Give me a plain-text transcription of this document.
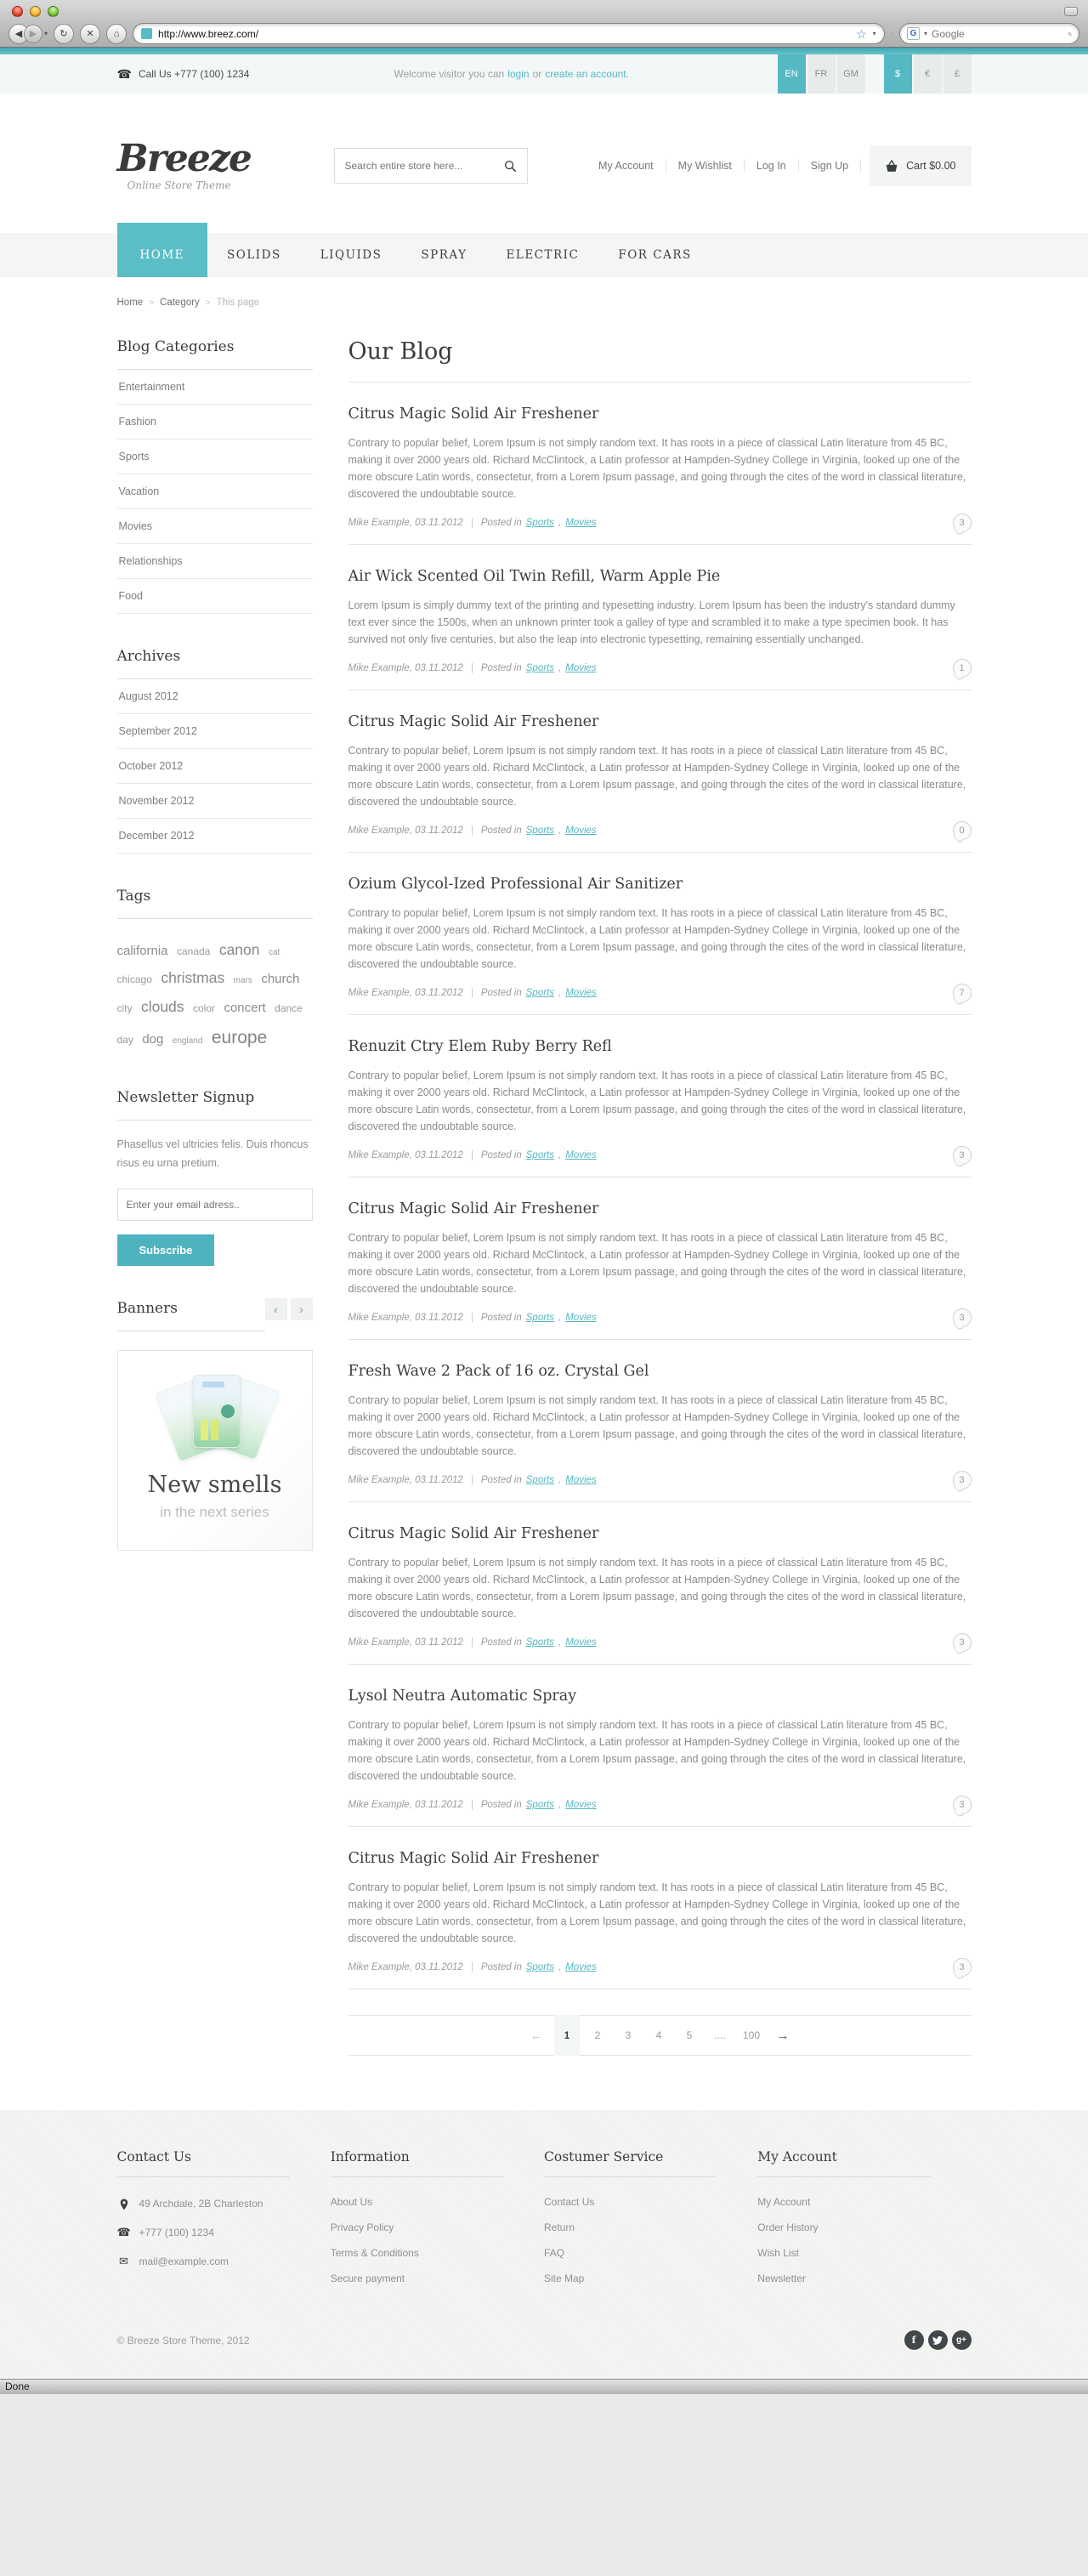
◀ ▶ ▾ ↻ ✕ ⌂
http://www.breez.com/	☆ ▾ ·	G	▾
Google
☎ Call Us +777 (100) 1234	Welcome visitor you can login or create an account.	EN	FR	GM	$	€	£
Breeze
Online Store Theme
Search entire store here...
My Account	My Wishlist	Log In	Sign Up	Cart $0.00
HOME	SOLIDS	LIQUIDS	SPRAY	ELECTRIC	FOR CARS
Home > Category > This page
Blog Categories
Entertainment
Fashion
Sports
Vacation
Movies
Relationships
Food
Archives
August 2012
September 2012
October 2012
November 2012
December 2012
Tags
california canada canon cat chicago christmas mars church city clouds color concert dance day dog england europe
Newsletter Signup

Phasellus vel ultricies felis. Duis rhoncus risus eu urna pretium.

Enter your email adress.. Subscribe
Banners	‹ ›
New smells
in the next series
Our Blog
Citrus Magic Solid Air Freshener

Contrary to popular belief, Lorem Ipsum is not simply random text. It has roots in a piece of classical Latin literature from 45 BC, making it over 2000 years old. Richard McClintock, a Latin professor at Hampden-Sydney College in Virginia, looked up one of the more obscure Latin words, consectetur, from a Lorem Ipsum passage, and going through the cites of the word in classical literature, discovered the undoubtable source.

Mike Example, 03.11.2012 | Posted in Sports , Movies	3
Air Wick Scented Oil Twin Refill, Warm Apple Pie

Lorem Ipsum is simply dummy text of the printing and typesetting industry. Lorem Ipsum has been the industry's standard dummy text ever since the 1500s, when an unknown printer took a galley of type and scrambled it to make a type specimen book. It has survived not only five centuries, but also the leap into electronic typesetting, remaining essentially unchanged.

Mike Example, 03.11.2012 | Posted in Sports , Movies	1
Citrus Magic Solid Air Freshener

Contrary to popular belief, Lorem Ipsum is not simply random text. It has roots in a piece of classical Latin literature from 45 BC, making it over 2000 years old. Richard McClintock, a Latin professor at Hampden-Sydney College in Virginia, looked up one of the more obscure Latin words, consectetur, from a Lorem Ipsum passage, and going through the cites of the word in classical literature, discovered the undoubtable source.

Mike Example, 03.11.2012 | Posted in Sports , Movies	0
Ozium Glycol-Ized Professional Air Sanitizer

Contrary to popular belief, Lorem Ipsum is not simply random text. It has roots in a piece of classical Latin literature from 45 BC, making it over 2000 years old. Richard McClintock, a Latin professor at Hampden-Sydney College in Virginia, looked up one of the more obscure Latin words, consectetur, from a Lorem Ipsum passage, and going through the cites of the word in classical literature, discovered the undoubtable source.

Mike Example, 03.11.2012 | Posted in Sports , Movies	7
Renuzit Ctry Elem Ruby Berry Refl

Contrary to popular belief, Lorem Ipsum is not simply random text. It has roots in a piece of classical Latin literature from 45 BC, making it over 2000 years old. Richard McClintock, a Latin professor at Hampden-Sydney College in Virginia, looked up one of the more obscure Latin words, consectetur, from a Lorem Ipsum passage, and going through the cites of the word in classical literature, discovered the undoubtable source.

Mike Example, 03.11.2012 | Posted in Sports , Movies	3
Citrus Magic Solid Air Freshener

Contrary to popular belief, Lorem Ipsum is not simply random text. It has roots in a piece of classical Latin literature from 45 BC, making it over 2000 years old. Richard McClintock, a Latin professor at Hampden-Sydney College in Virginia, looked up one of the more obscure Latin words, consectetur, from a Lorem Ipsum passage, and going through the cites of the word in classical literature, discovered the undoubtable source.

Mike Example, 03.11.2012 | Posted in Sports , Movies	3
Fresh Wave 2 Pack of 16 oz. Crystal Gel

Contrary to popular belief, Lorem Ipsum is not simply random text. It has roots in a piece of classical Latin literature from 45 BC, making it over 2000 years old. Richard McClintock, a Latin professor at Hampden-Sydney College in Virginia, looked up one of the more obscure Latin words, consectetur, from a Lorem Ipsum passage, and going through the cites of the word in classical literature, discovered the undoubtable source.

Mike Example, 03.11.2012 | Posted in Sports , Movies	3
Citrus Magic Solid Air Freshener

Contrary to popular belief, Lorem Ipsum is not simply random text. It has roots in a piece of classical Latin literature from 45 BC, making it over 2000 years old. Richard McClintock, a Latin professor at Hampden-Sydney College in Virginia, looked up one of the more obscure Latin words, consectetur, from a Lorem Ipsum passage, and going through the cites of the word in classical literature, discovered the undoubtable source.

Mike Example, 03.11.2012 | Posted in Sports , Movies	3
Lysol Neutra Automatic Spray

Contrary to popular belief, Lorem Ipsum is not simply random text. It has roots in a piece of classical Latin literature from 45 BC, making it over 2000 years old. Richard McClintock, a Latin professor at Hampden-Sydney College in Virginia, looked up one of the more obscure Latin words, consectetur, from a Lorem Ipsum passage, and going through the cites of the word in classical literature, discovered the undoubtable source.

Mike Example, 03.11.2012 | Posted in Sports , Movies	3
Citrus Magic Solid Air Freshener

Contrary to popular belief, Lorem Ipsum is not simply random text. It has roots in a piece of classical Latin literature from 45 BC, making it over 2000 years old. Richard McClintock, a Latin professor at Hampden-Sydney College in Virginia, looked up one of the more obscure Latin words, consectetur, from a Lorem Ipsum passage, and going through the cites of the word in classical literature, discovered the undoubtable source.

Mike Example, 03.11.2012 | Posted in Sports , Movies	3
←	1	2	3	4	5	....	100	→
Contact Us
49 Archdale, 2B Charleston
☎ +777 (100) 1234
✉ mail@example.com
Information
About Us
Privacy Policy
Terms & Conditions
Secure payment
Costumer Service
Contact Us
Return
FAQ
Site Map
My Account
My Account
Order History
Wish List
Newsletter
© Breeze Store Theme, 2012	f	g+
Done
